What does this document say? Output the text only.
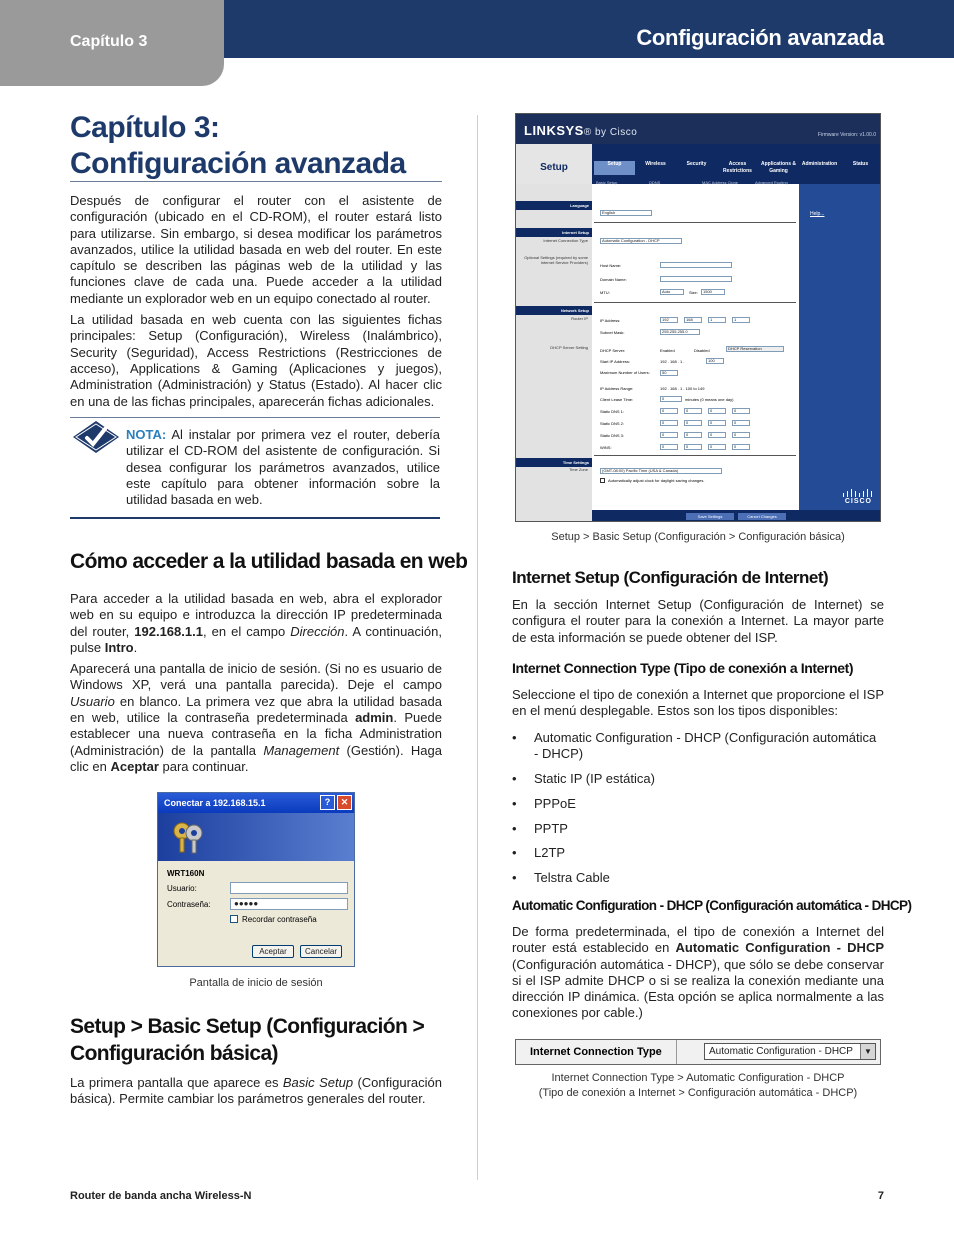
Capítulo 3	Configuración avanzada
Capítulo 3:
Configuración avanzada

Después de configurar el router con el asistente de configuración (ubicado en el CD-ROM), el router estará listo para utilizarse. Sin embargo, si desea modificar los parámetros avanzados, utilice la utilidad basada en web del router. En este capítulo se describen las páginas web de la utilidad y las funciones clave de cada una. Puede acceder a la utilidad mediante un explorador web en un equipo conectado al router.

La utilidad basada en web cuenta con las siguientes fichas principales: Setup (Configuración), Wireless (Inalámbrico), Security (Seguridad), Access Restrictions (Restricciones de acceso), Applications & Gaming (Aplicaciones y juegos), Administration (Administración) y Status (Estado). Al hacer clic en una de las fichas principales, aparecerán fichas adicionales.

NOTA: Al instalar por primera vez el router, debería utilizar el CD-ROM del asistente de configuración. Si desea configurar los parámetros avanzados, utilice este capítulo para obtener información sobre la utilidad basada en web.
Cómo acceder a la utilidad basada en web

Para acceder a la utilidad basada en web, abra el explorador web en su equipo e introduzca la dirección IP predeterminada del router, 192.168.1.1, en el campo Dirección. A continuación, pulse Intro.

Aparecerá una pantalla de inicio de sesión. (Si no es usuario de Windows XP, verá una pantalla parecida). Deje el campo Usuario en blanco. La primera vez que abra la utilidad basada en web, utilice la contraseña predeterminada admin. Puede establecer una nueva contraseña en la ficha Administration (Administración) de la pantalla Management (Gestión). Haga clic en Aceptar para continuar.

Conectar a 192.168.15.1	?	✕
WRT160N
Usuario:
Contraseña:	●●●●●
Recordar contraseña
Aceptar	Cancelar
Pantalla de inicio de sesión
Setup > Basic Setup (Configuración >
Configuración básica)

La primera pantalla que aparece es Basic Setup (Configuración básica). Permite cambiar los parámetros generales del router.

LINKSYS® by Cisco	Firmware Version: v1.00.0
Setup	Setup	Wireless	Security	Access Restrictions
Applications & Gaming
Administration	Status
Basic Setup	DDNS	MAC Address Clone	Advanced Routing
Help...
Language
English
Internet Setup
Internet Connection Type	Automatic Configuration - DHCP
Optional Settings (required by some Internet Service Providers)
Host Name:
Domain Name:
MTU:	Auto	Size:	1500
Network Setup
Router IP	IP Address:	192	168	1	1
Subnet Mask:	255.255.255.0
DHCP Server Setting
DHCP Server:	Enabled	Disabled	DHCP Reservation
Start IP Address:	192 . 168 . 1 .	100
Maximum Number of Users:	50
IP Address Range:	192 . 168 . 1 . 100 to 149
Client Lease Time:	0	minutes (0 means one day)
Static DNS 1:	0	0	0	0
Static DNS 2:	0	0	0	0
Static DNS 3:	0	0	0	0
WINS:	0	0	0	0
Time Settings
Time Zone	(GMT-08:00) Pacific Time (USA & Canada)
Automatically adjust clock for daylight saving changes.
Save Settings	Cancel Changes
CISCO
Setup > Basic Setup (Configuración > Configuración básica)
Internet Setup (Configuración de Internet)

En la sección Internet Setup (Configuración de Internet) se configura el router para la conexión a Internet. La mayor parte de esta información se puede obtener del ISP.

Internet Connection Type (Tipo de conexión a Internet)

Seleccione el tipo de conexión a Internet que proporcione el ISP en el menú desplegable. Estos son los tipos disponibles:

• Automatic Configuration - DHCP (Configuración automática - DHCP)
• Static IP (IP estática)
• PPPoE
• PPTP
• L2TP
• Telstra Cable
Automatic Configuration - DHCP (Configuración automática - DHCP)

De forma predeterminada, el tipo de conexión a Internet del router está establecido en Automatic Configuration - DHCP (Configuración automática - DHCP), que sólo se debe conservar si el ISP admite DHCP o si se realiza la conexión mediante una dirección IP dinámica. (Esta opción se aplica normalmente a las conexiones por cable.)

Internet Connection Type	Automatic Configuration - DHCP	▼
Internet Connection Type > Automatic Configuration - DHCP
(Tipo de conexión a Internet > Configuración automática - DHCP)
Router de banda ancha Wireless-N	7
